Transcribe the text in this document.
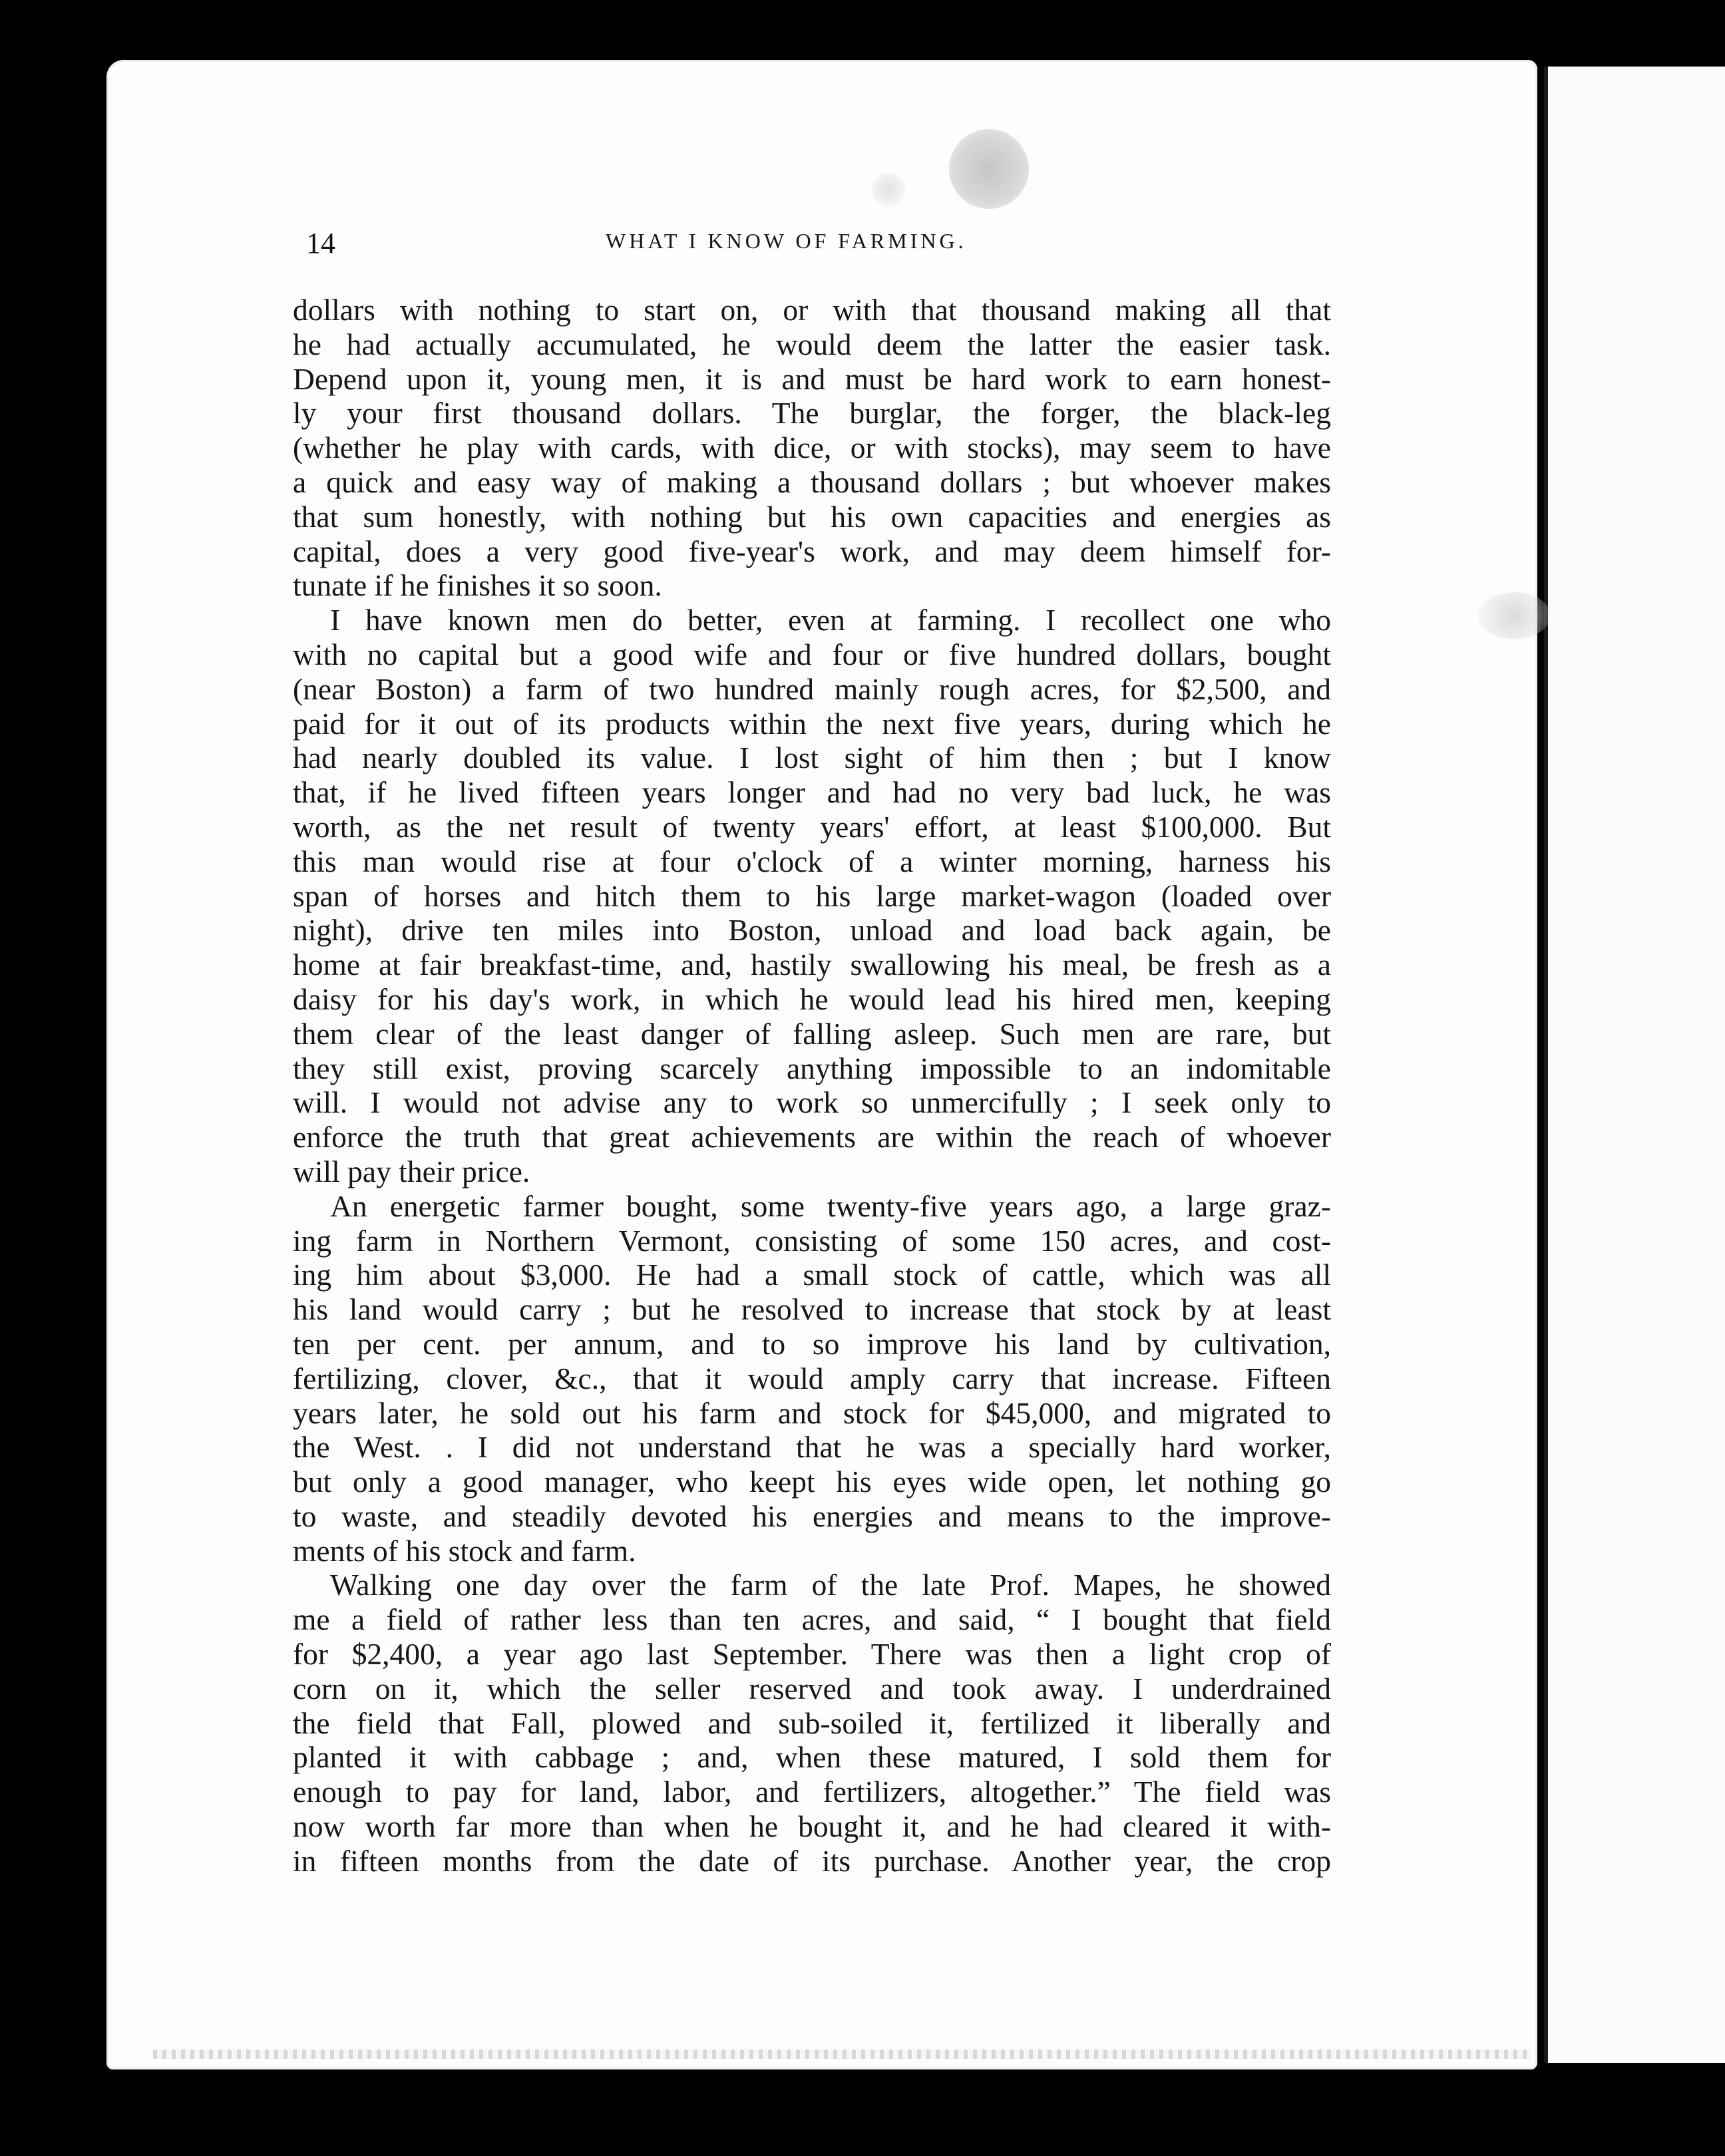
14	WHAT I KNOW OF FARMING.
dollars with nothing to start on, or with that thousand making all that
he had actually accumulated, he would deem the latter the easier task.
Depend upon it, young men, it is and must be hard work to earn honest-
ly your first thousand dollars. The burglar, the forger, the black-leg
(whether he play with cards, with dice, or with stocks), may seem to have
a quick and easy way of making a thousand dollars ; but whoever makes
that sum honestly, with nothing but his own capacities and energies as
capital, does a very good five-year's work, and may deem himself for-
tunate if he finishes it so soon.
I have known men do better, even at farming. I recollect one who
with no capital but a good wife and four or five hundred dollars, bought
(near Boston) a farm of two hundred mainly rough acres, for $2,500, and
paid for it out of its products within the next five years, during which he
had nearly doubled its value. I lost sight of him then ; but I know
that, if he lived fifteen years longer and had no very bad luck, he was
worth, as the net result of twenty years' effort, at least $100,000. But
this man would rise at four o'clock of a winter morning, harness his
span of horses and hitch them to his large market-wagon (loaded over
night), drive ten miles into Boston, unload and load back again, be
home at fair breakfast-time, and, hastily swallowing his meal, be fresh as a
daisy for his day's work, in which he would lead his hired men, keeping
them clear of the least danger of falling asleep. Such men are rare, but
they still exist, proving scarcely anything impossible to an indomitable
will. I would not advise any to work so unmercifully ; I seek only to
enforce the truth that great achievements are within the reach of whoever
will pay their price.
An energetic farmer bought, some twenty-five years ago, a large graz-
ing farm in Northern Vermont, consisting of some 150 acres, and cost-
ing him about $3,000. He had a small stock of cattle, which was all
his land would carry ; but he resolved to increase that stock by at least
ten per cent. per annum, and to so improve his land by cultivation,
fertilizing, clover, &c., that it would amply carry that increase. Fifteen
years later, he sold out his farm and stock for $45,000, and migrated to
the West. . I did not understand that he was a specially hard worker,
but only a good manager, who keept his eyes wide open, let nothing go
to waste, and steadily devoted his energies and means to the improve-
ments of his stock and farm.
Walking one day over the farm of the late Prof. Mapes, he showed
me a field of rather less than ten acres, and said, “ I bought that field
for $2,400, a year ago last September. There was then a light crop of
corn on it, which the seller reserved and took away. I underdrained
the field that Fall, plowed and sub-soiled it, fertilized it liberally and
planted it with cabbage ; and, when these matured, I sold them for
enough to pay for land, labor, and fertilizers, altogether.” The field was
now worth far more than when he bought it, and he had cleared it with-
in fifteen months from the date of its purchase. Another year, the crop
